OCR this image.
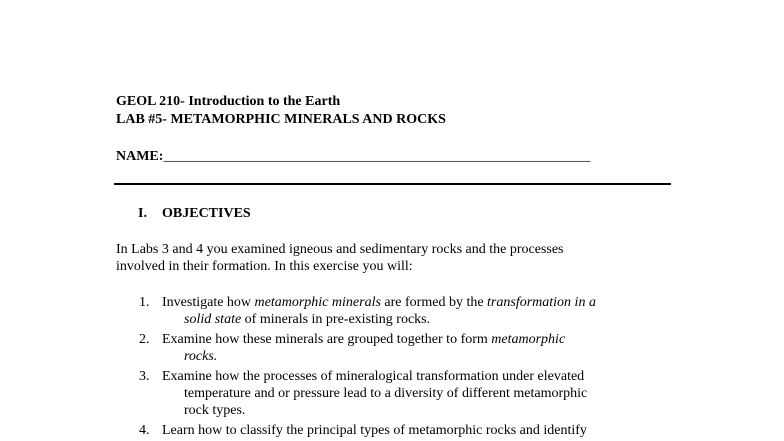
GEOL 210- Introduction to the Earth
LAB #5- METAMORPHIC MINERALS AND ROCKS
NAME:_____________________________________________________________
I. OBJECTIVES
In Labs 3 and 4 you examined igneous and sedimentary rocks and the processes
involved in their formation. In this exercise you will:
1. Investigate how metamorphic minerals are formed by the transformation in a
solid state of minerals in pre-existing rocks.
2. Examine how these minerals are grouped together to form metamorphic
rocks.
3. Examine how the processes of mineralogical transformation under elevated
temperature and or pressure lead to a diversity of different metamorphic
rock types.
4. Learn how to classify the principal types of metamorphic rocks and identify
